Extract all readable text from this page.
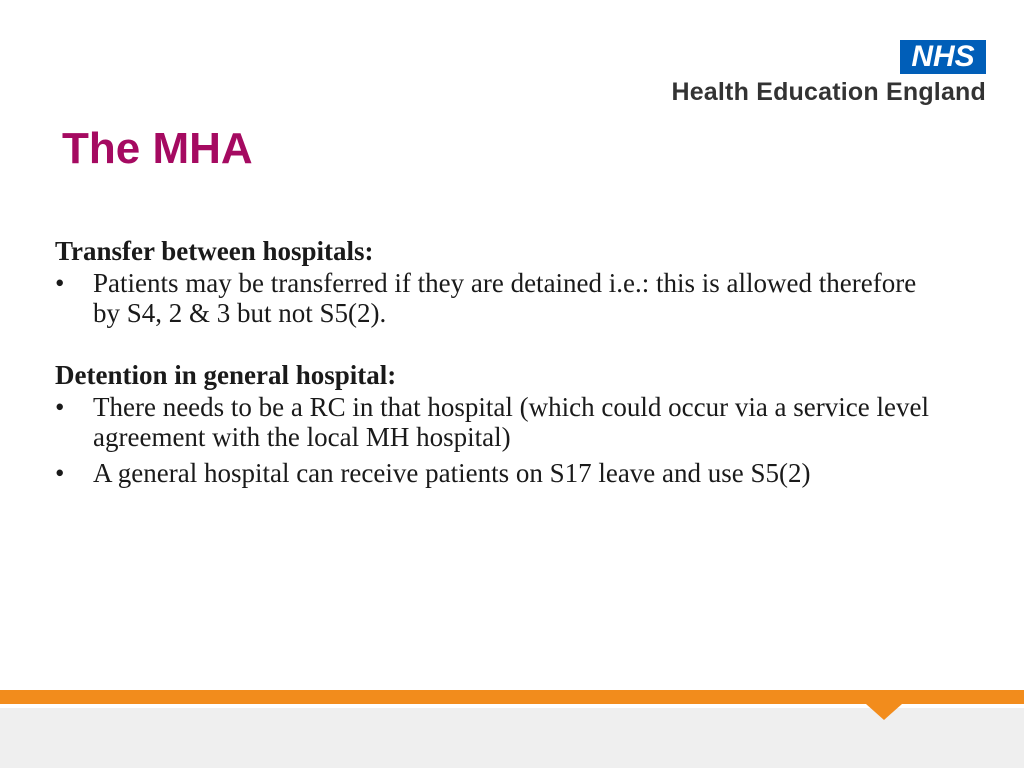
NHS
Health Education England
The MHA
Transfer between hospitals:
• Patients may be transferred if they are detained i.e.: this is allowed therefore by S4, 2 & 3 but not S5(2).
Detention in general hospital:
• There needs to be a RC in that hospital (which could occur via a service level agreement with the local MH hospital)
• A general hospital can receive patients on S17 leave and use S5(2)
